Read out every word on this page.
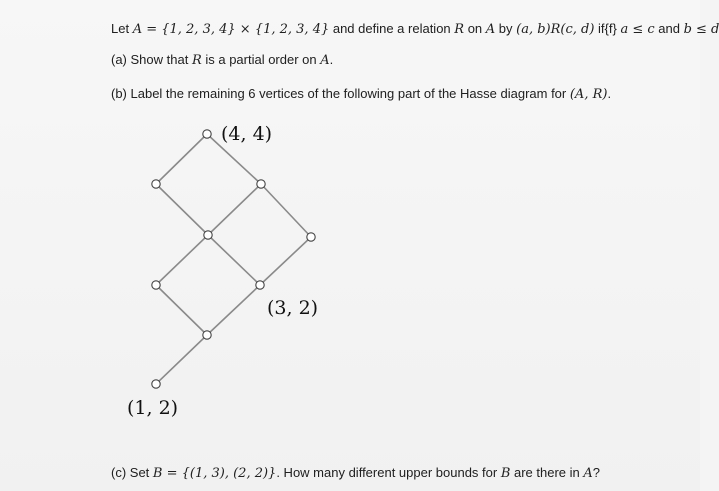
Let A = {1, 2, 3, 4} × {1, 2, 3, 4} and define a relation R on A by (a, b)R(c, d) if{f} a ≤ c and b ≤ d
(a) Show that R is a partial order on A.
(b) Label the remaining 6 vertices of the following part of the Hasse diagram for (A, R).
(4, 4)
(3, 2)
(1, 2)
(c) Set B = {(1, 3), (2, 2)}. How many different upper bounds for B are there in A?
